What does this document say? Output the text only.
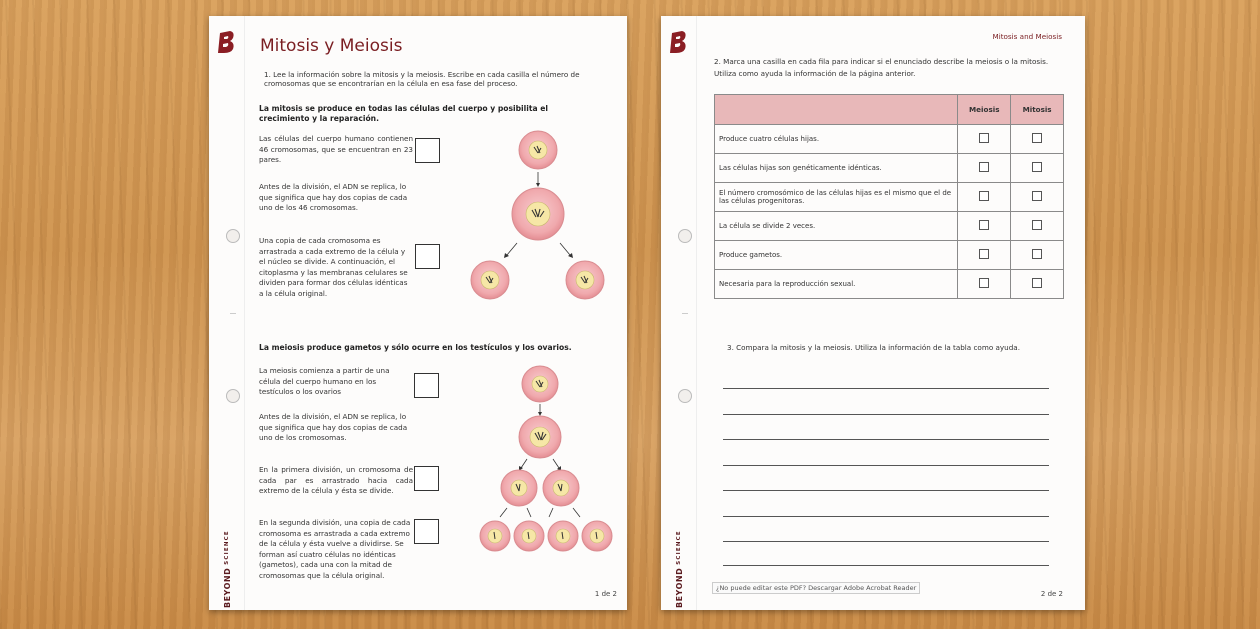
BEYOND
SCIENCE
Mitosis y Meiosis
1. Lee la información sobre la mitosis y la meiosis. Escribe en cada casilla el número de cromosomas que se encontrarían en la célula en esa fase del proceso.
La mitosis se produce en todas las células del cuerpo y posibilita el crecimiento y la reparación.
Las células del cuerpo humano contienen 46 cromosomas, que se encuentran en 23 pares.
Antes de la división, el ADN se replica, lo que significa que hay dos copias de cada uno de los 46 cromosomas.
Una copia de cada cromosoma es arrastrada a cada extremo de la célula y el núcleo se divide. A continuación, el citoplasma y las membranas celulares se dividen para formar dos células idénticas a la célula original.
La meiosis produce gametos y sólo ocurre en los testículos y los ovarios.
La meiosis comienza a partir de una célula del cuerpo humano en los testículos o los ovarios
Antes de la división, el ADN se replica, lo que significa que hay dos copias de cada uno de los cromosomas.
En la primera división, un cromosoma de cada par es arrastrado hacia cada extremo de la célula y ésta se divide.
En la segunda división, una copia de cada cromosoma es arrastrada a cada extremo de la célula y ésta vuelve a dividirse. Se forman así cuatro células no idénticas (gametos), cada una con la mitad de cromosomas que la célula original.
1 de 2	BEYOND
SCIENCE
Mitosis and Meiosis
2. Marca una casilla en cada fila para indicar si el enunciado describe la meiosis o la mitosis. Utiliza como ayuda la información de la página anterior.
	Meiosis	Mitosis
Produce cuatro células hijas.		
Las células hijas son genéticamente idénticas.		
El número cromosómico de las células hijas es el mismo que el de las células progenitoras.		
La célula se divide 2 veces.		
Produce gametos.		
Necesaria para la reproducción sexual.		
3. Compara la mitosis y la meiosis. Utiliza la información de la tabla como ayuda.
¿No puede editar este PDF? Descargar Adobe Acrobat Reader
2 de 2
